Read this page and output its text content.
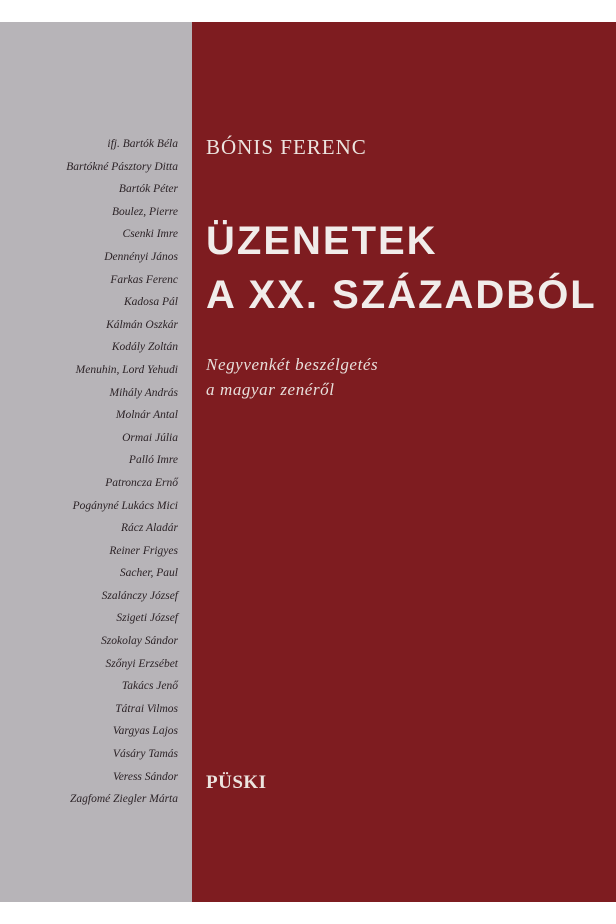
ifj. Bartók Béla
Bartókné Pásztory Ditta
Bartók Péter
Boulez, Pierre
Csenki Imre
Dennényi János
Farkas Ferenc
Kadosa Pál
Kálmán Oszkár
Kodály Zoltán
Menuhin, Lord Yehudi
Mihály András
Molnár Antal
Ormai Júlia
Palló Imre
Patroncza Ernő
Pogányné Lukács Mici
Rácz Aladár
Reiner Frigyes
Sacher, Paul
Szalánczy József
Szigeti József
Szokolay Sándor
Szőnyi Erzsébet
Takács Jenő
Tátrai Vilmos
Vargyas Lajos
Vásáry Tamás
Veress Sándor
Zagfomé Ziegler Márta
BÓNIS FERENC
ÜZENETEK
A XX. SZÁZADBÓL

Negyvenkét beszélgetés
a magyar zenéről

PÜSKI
